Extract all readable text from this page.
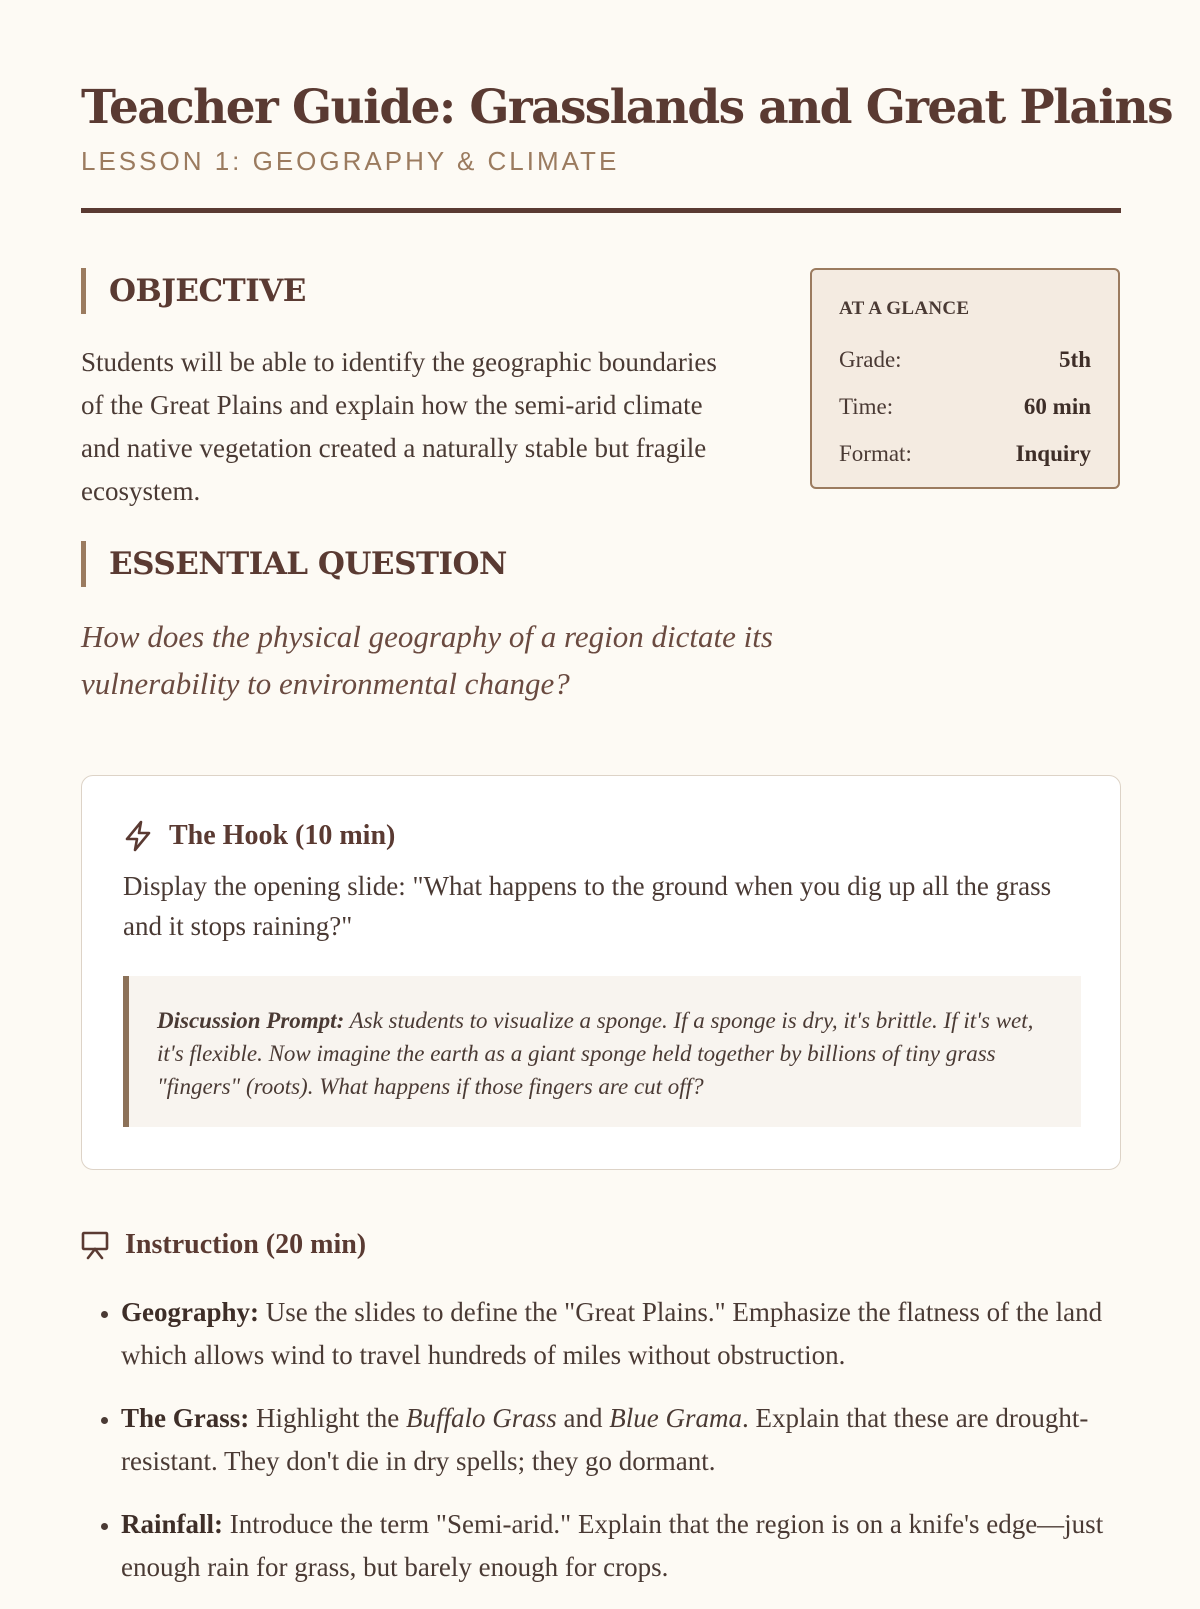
Teacher Guide: Grasslands and Great Plains
LESSON 1: GEOGRAPHY & CLIMATE
OBJECTIVE

Students will be able to identify the geographic boundaries of the Great Plains and explain how the semi-arid climate and native vegetation created a naturally stable but fragile ecosystem.

ESSENTIAL QUESTION

How does the physical geography of a region dictate its vulnerability to environmental change?

AT A GLANCE
Grade:	5th
Time:	60 min
Format:	Inquiry
The Hook (10 min)

Display the opening slide: "What happens to the ground when you dig up all the grass and it stops raining?"

Discussion Prompt: Ask students to visualize a sponge. If a sponge is dry, it's brittle. If it's wet, it's flexible. Now imagine the earth as a giant sponge held together by billions of tiny grass "fingers" (roots). What happens if those fingers are cut off?
Instruction (20 min)
• Geography: Use the slides to define the "Great Plains." Emphasize the flatness of the land which allows wind to travel hundreds of miles without obstruction.
• The Grass: Highlight the Buffalo Grass and Blue Grama. Explain that these are drought-resistant. They don't die in dry spells; they go dormant.
• Rainfall: Introduce the term "Semi-arid." Explain that the region is on a knife's edge—just enough rain for grass, but barely enough for crops.
